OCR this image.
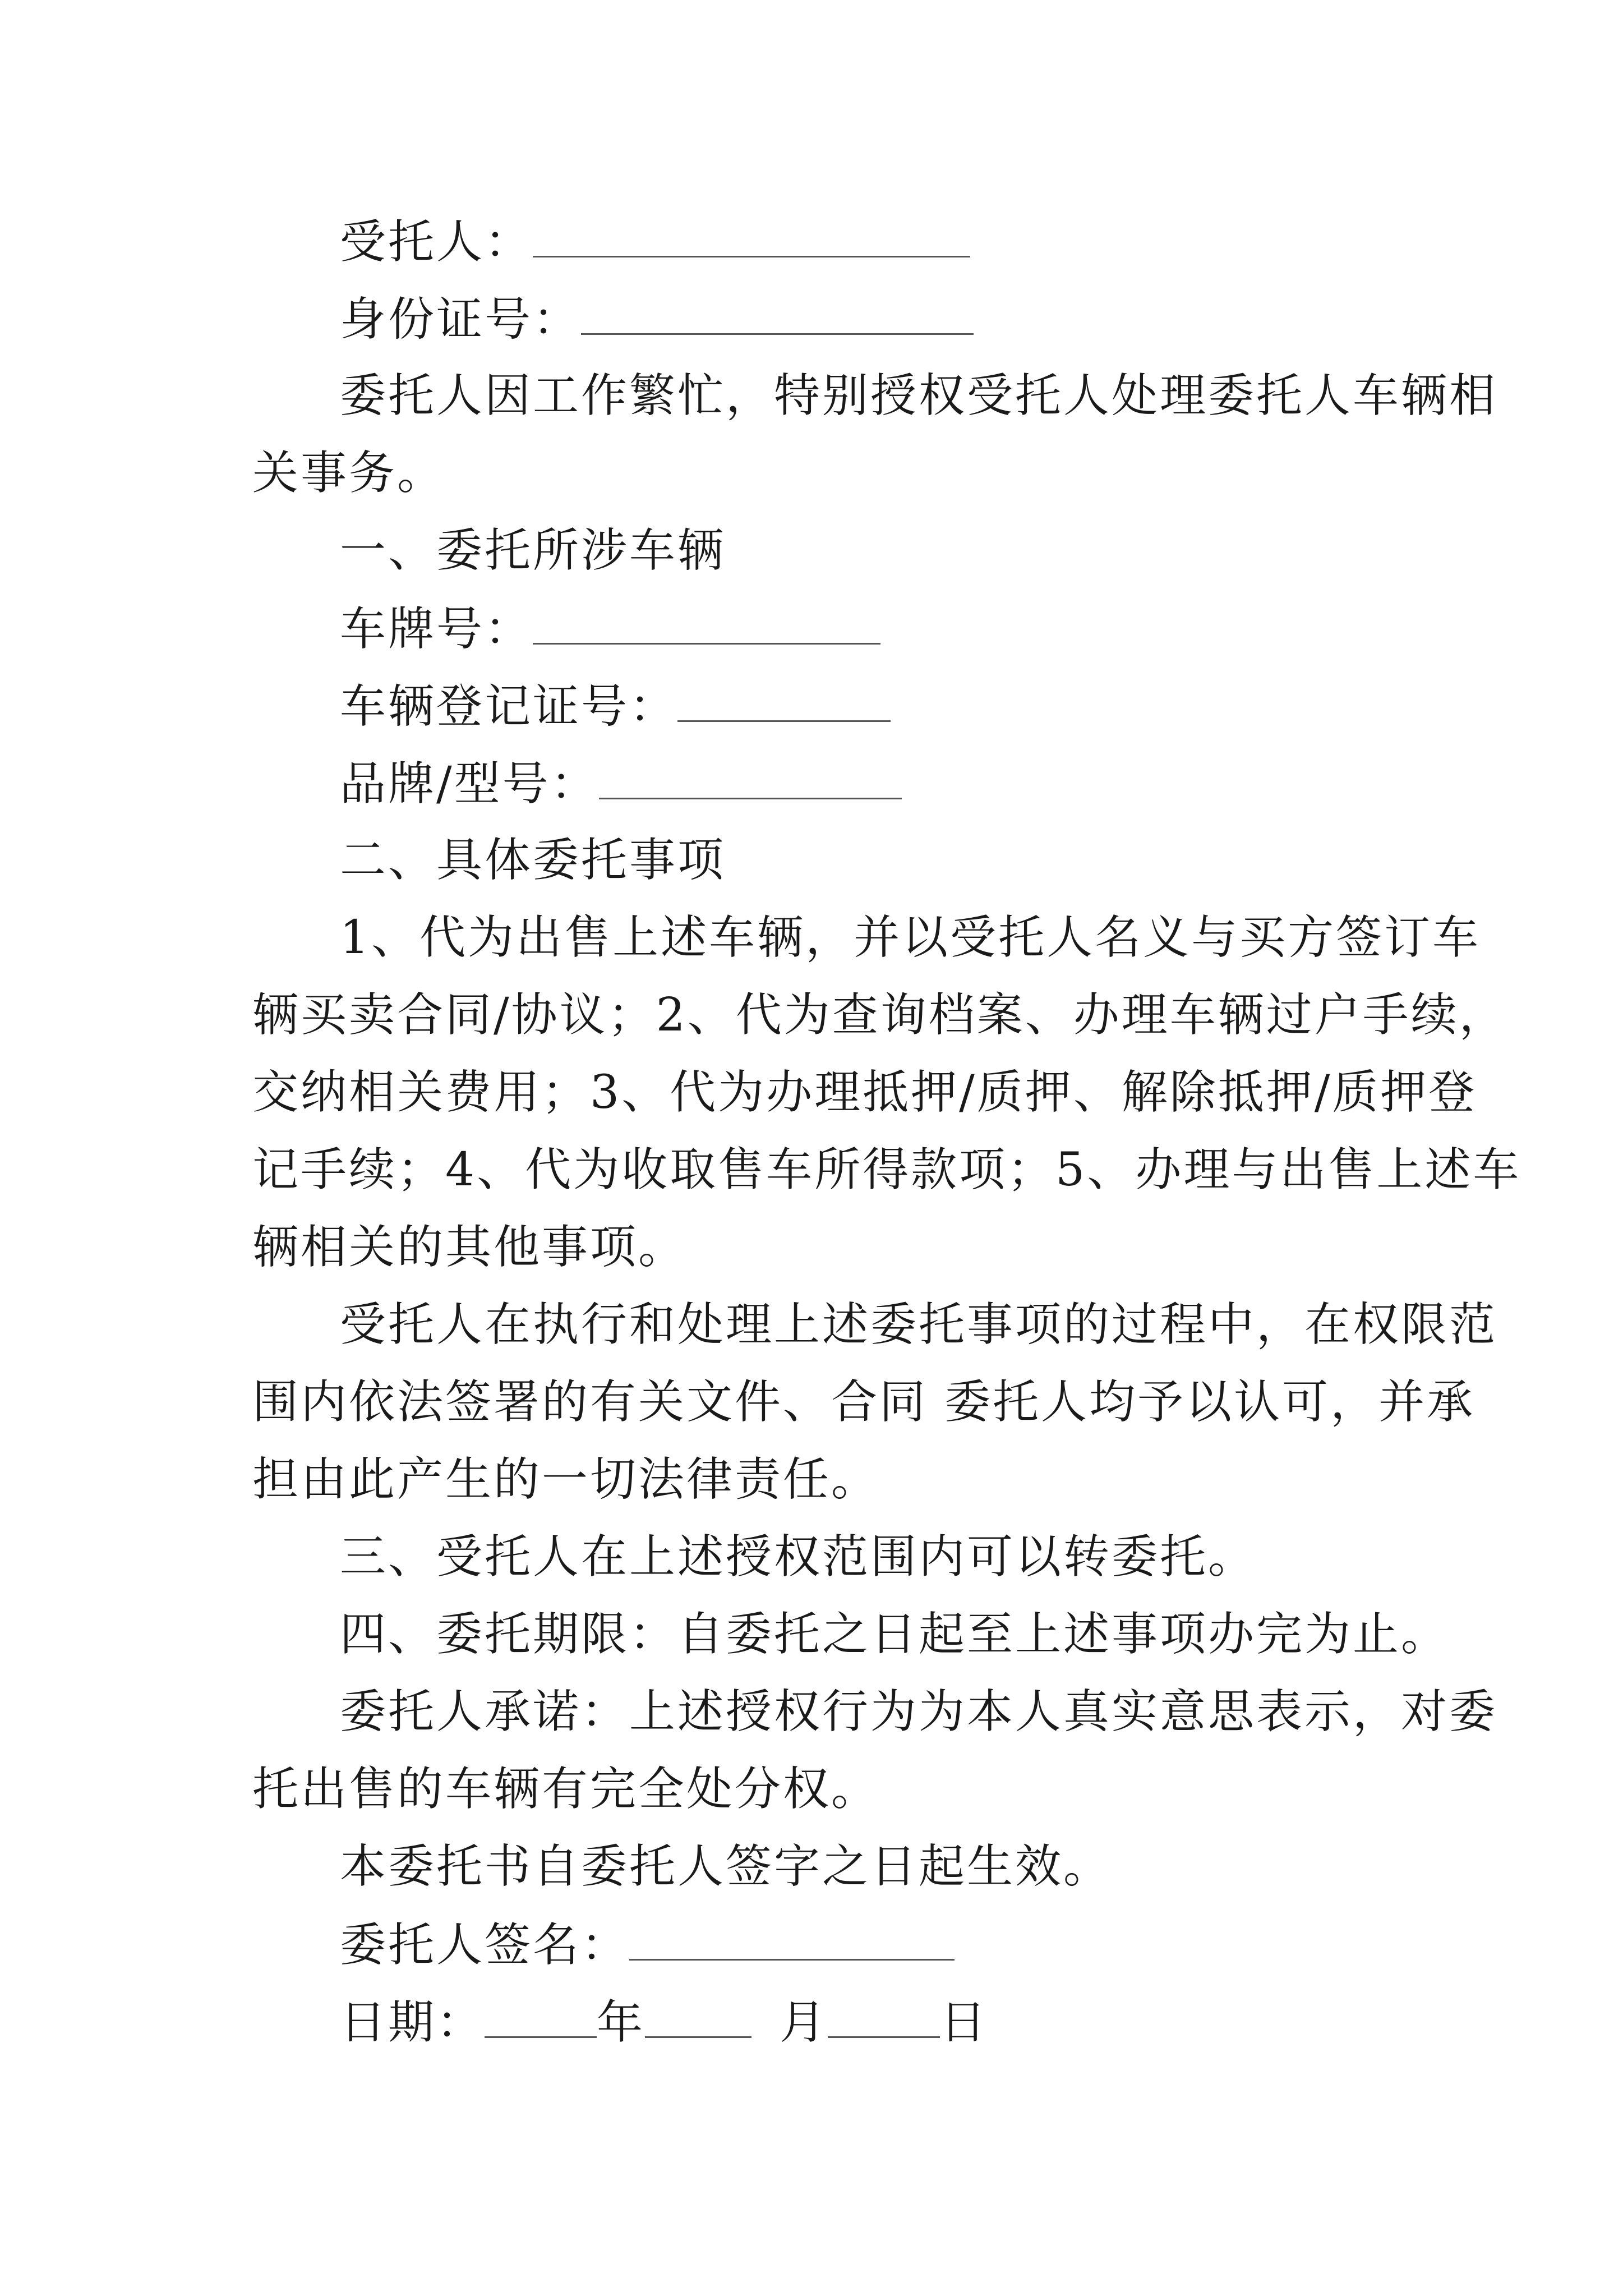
受托人：
身份证号：
委托人因工作繁忙，特别授权受托人处理委托人车辆相
关事务。
一、委托所涉车辆
车牌号：
车辆登记证号：
品牌/型号：
二、具体委托事项
1、代为出售上述车辆，并以受托人名义与买方签订车
辆买卖合同/协议；2、代为查询档案、办理车辆过户手续，
交纳相关费用；3、代为办理抵押/质押、解除抵押/质押登
记手续；4、代为收取售车所得款项；5、办理与出售上述车
辆相关的其他事项。
受托人在执行和处理上述委托事项的过程中，在权限范
围内依法签署的有关文件、合同 委托人均予以认可，并承
担由此产生的一切法律责任。
三、受托人在上述授权范围内可以转委托。
四、委托期限：自委托之日起至上述事项办完为止。
委托人承诺：上述授权行为为本人真实意思表示，对委
托出售的车辆有完全处分权。
本委托书自委托人签字之日起生效。
委托人签名：
日期： 年	月 日
